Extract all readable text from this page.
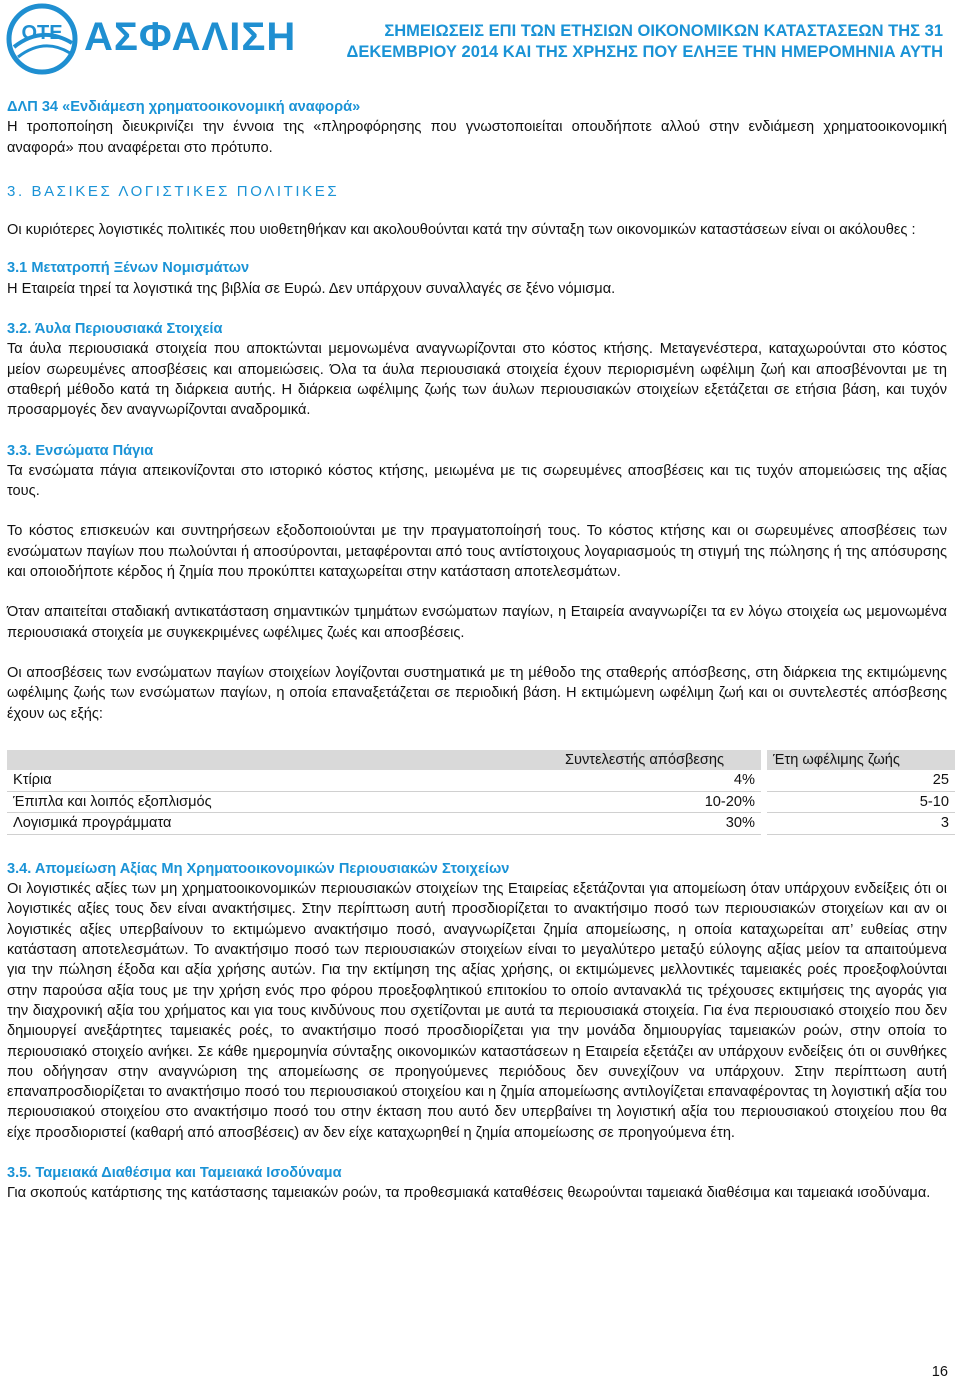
OTE ΑΣΦΑΛΙΣΗ	ΣΗΜΕΙΩΣΕΙΣ ΕΠΙ ΤΩΝ ΕΤΗΣΙΩΝ ΟΙΚΟΝΟΜΙΚΩΝ ΚΑΤΑΣΤΑΣΕΩΝ ΤΗΣ 31
ΔΕΚΕΜΒΡΙΟΥ 2014 ΚΑΙ ΤΗΣ ΧΡΗΣΗΣ ΠΟΥ ΕΛΗΞΕ ΤΗΝ ΗΜΕΡΟΜΗΝΙΑ ΑΥΤΗ
ΔΛΠ 34 «Ενδιάμεση χρηματοοικονομική αναφορά»

Η τροποποίηση διευκρινίζει την έννοια της «πληροφόρησης που γνωστοποιείται οπουδήποτε αλλού στην ενδιάμεση χρηματοοικονομική αναφορά» που αναφέρεται στο πρότυπο.

3. ΒΑΣΙΚΕΣ ΛΟΓΙΣΤΙΚΕΣ ΠΟΛΙΤΙΚΕΣ

Οι κυριότερες λογιστικές πολιτικές που υιοθετηθήκαν και ακολουθούνται κατά την σύνταξη των οικονομικών καταστάσεων είναι οι ακόλουθες :

3.1 Μετατροπή Ξένων Νομισμάτων

Η Εταιρεία τηρεί τα λογιστικά της βιβλία σε Ευρώ. Δεν υπάρχουν συναλλαγές σε ξένο νόμισμα.

3.2. Άυλα Περιουσιακά Στοιχεία

Τα άυλα περιουσιακά στοιχεία που αποκτώνται μεμονωμένα αναγνωρίζονται στο κόστος κτήσης. Μεταγενέστερα, καταχωρούνται στο κόστος μείον σωρευμένες αποσβέσεις και απομειώσεις. Όλα τα άυλα περιουσιακά στοιχεία έχουν περιορισμένη ωφέλιμη ζωή και αποσβένονται με τη σταθερή μέθοδο κατά τη διάρκεια αυτής. Η διάρκεια ωφέλιμης ζωής των άυλων περιουσιακών στοιχείων εξετάζεται σε ετήσια βάση, και τυχόν προσαρμογές δεν αναγνωρίζονται αναδρομικά.

3.3. Ενσώματα Πάγια

Τα ενσώματα πάγια απεικονίζονται στο ιστορικό κόστος κτήσης, μειωμένα με τις σωρευμένες αποσβέσεις και τις τυχόν απομειώσεις της αξίας τους.

Το κόστος επισκευών και συντηρήσεων εξοδοποιούνται με την πραγματοποίησή τους. Το κόστος κτήσης και οι σωρευμένες αποσβέσεις των ενσώματων παγίων που πωλούνται ή αποσύρονται, μεταφέρονται από τους αντίστοιχους λογαριασμούς τη στιγμή της πώλησης ή της απόσυρσης και οποιοδήποτε κέρδος ή ζημία που προκύπτει καταχωρείται στην κατάσταση αποτελεσμάτων.

Όταν απαιτείται σταδιακή αντικατάσταση σημαντικών τμημάτων ενσώματων παγίων, η Εταιρεία αναγνωρίζει τα εν λόγω στοιχεία ως μεμονωμένα περιουσιακά στοιχεία με συγκεκριμένες ωφέλιμες ζωές και αποσβέσεις.

Οι αποσβέσεις των ενσώματων παγίων στοιχείων λογίζονται συστηματικά με τη μέθοδο της σταθερής απόσβεσης, στη διάρκεια της εκτιμώμενης ωφέλιμης ζωής των ενσώματων παγίων, η οποία επαναξετάζεται σε περιοδική βάση. Η εκτιμώμενη ωφέλιμη ζωή και οι συντελεστές απόσβεσης έχουν ως εξής:

	Συντελεστής απόσβεσης		Έτη ωφέλιμης ζωής
Κτίρια	4%		25
Έπιπλα και λοιπός εξοπλισμός	10-20%		5-10
Λογισμικά προγράμματα	30%		3
3.4. Απομείωση Αξίας Μη Χρηματοοικονομικών Περιουσιακών Στοιχείων

Οι λογιστικές αξίες των μη χρηματοοικονομικών περιουσιακών στοιχείων της Εταιρείας εξετάζονται για απομείωση όταν υπάρχουν ενδείξεις ότι οι λογιστικές αξίες τους δεν είναι ανακτήσιμες. Στην περίπτωση αυτή προσδιορίζεται το ανακτήσιμο ποσό των περιουσιακών στοιχείων και αν οι λογιστικές αξίες υπερβαίνουν το εκτιμώμενο ανακτήσιμο ποσό, αναγνωρίζεται ζημία απομείωσης, η οποία καταχωρείται απ’ ευθείας στην κατάσταση αποτελεσμάτων. Το ανακτήσιμο ποσό των περιουσιακών στοιχείων είναι το μεγαλύτερο μεταξύ εύλογης αξίας μείον τα απαιτούμενα για την πώληση έξοδα και αξία χρήσης αυτών. Για την εκτίμηση της αξίας χρήσης, οι εκτιμώμενες μελλοντικές ταμειακές ροές προεξοφλούνται στην παρούσα αξία τους με την χρήση ενός προ φόρου προεξοφλητικού επιτοκίου το οποίο αντανακλά τις τρέχουσες εκτιμήσεις της αγοράς για την διαχρονική αξία του χρήματος και για τους κινδύνους που σχετίζονται με αυτά τα περιουσιακά στοιχεία. Για ένα περιουσιακό στοιχείο που δεν δημιουργεί ανεξάρτητες ταμειακές ροές, το ανακτήσιμο ποσό προσδιορίζεται για την μονάδα δημιουργίας ταμειακών ροών, στην οποία το περιουσιακό στοιχείο ανήκει. Σε κάθε ημερομηνία σύνταξης οικονομικών καταστάσεων η Εταιρεία εξετάζει αν υπάρχουν ενδείξεις ότι οι συνθήκες που οδήγησαν στην αναγνώριση της απομείωσης σε προηγούμενες περιόδους δεν συνεχίζουν να υπάρχουν. Στην περίπτωση αυτή επαναπροσδιορίζεται το ανακτήσιμο ποσό του περιουσιακού στοιχείου και η ζημία απομείωσης αντιλογίζεται επαναφέροντας τη λογιστική αξία του περιουσιακού στοιχείου στο ανακτήσιμο ποσό του στην έκταση που αυτό δεν υπερβαίνει τη λογιστική αξία του περιουσιακού στοιχείου που θα είχε προσδιοριστεί (καθαρή από αποσβέσεις) αν δεν είχε καταχωρηθεί η ζημία απομείωσης σε προηγούμενα έτη.

3.5. Ταμειακά Διαθέσιμα και Ταμειακά Ισοδύναμα

Για σκοπούς κατάρτισης της κατάστασης ταμειακών ροών, τα προθεσμιακά καταθέσεις θεωρούνται ταμειακά διαθέσιμα και ταμειακά ισοδύναμα.

16
